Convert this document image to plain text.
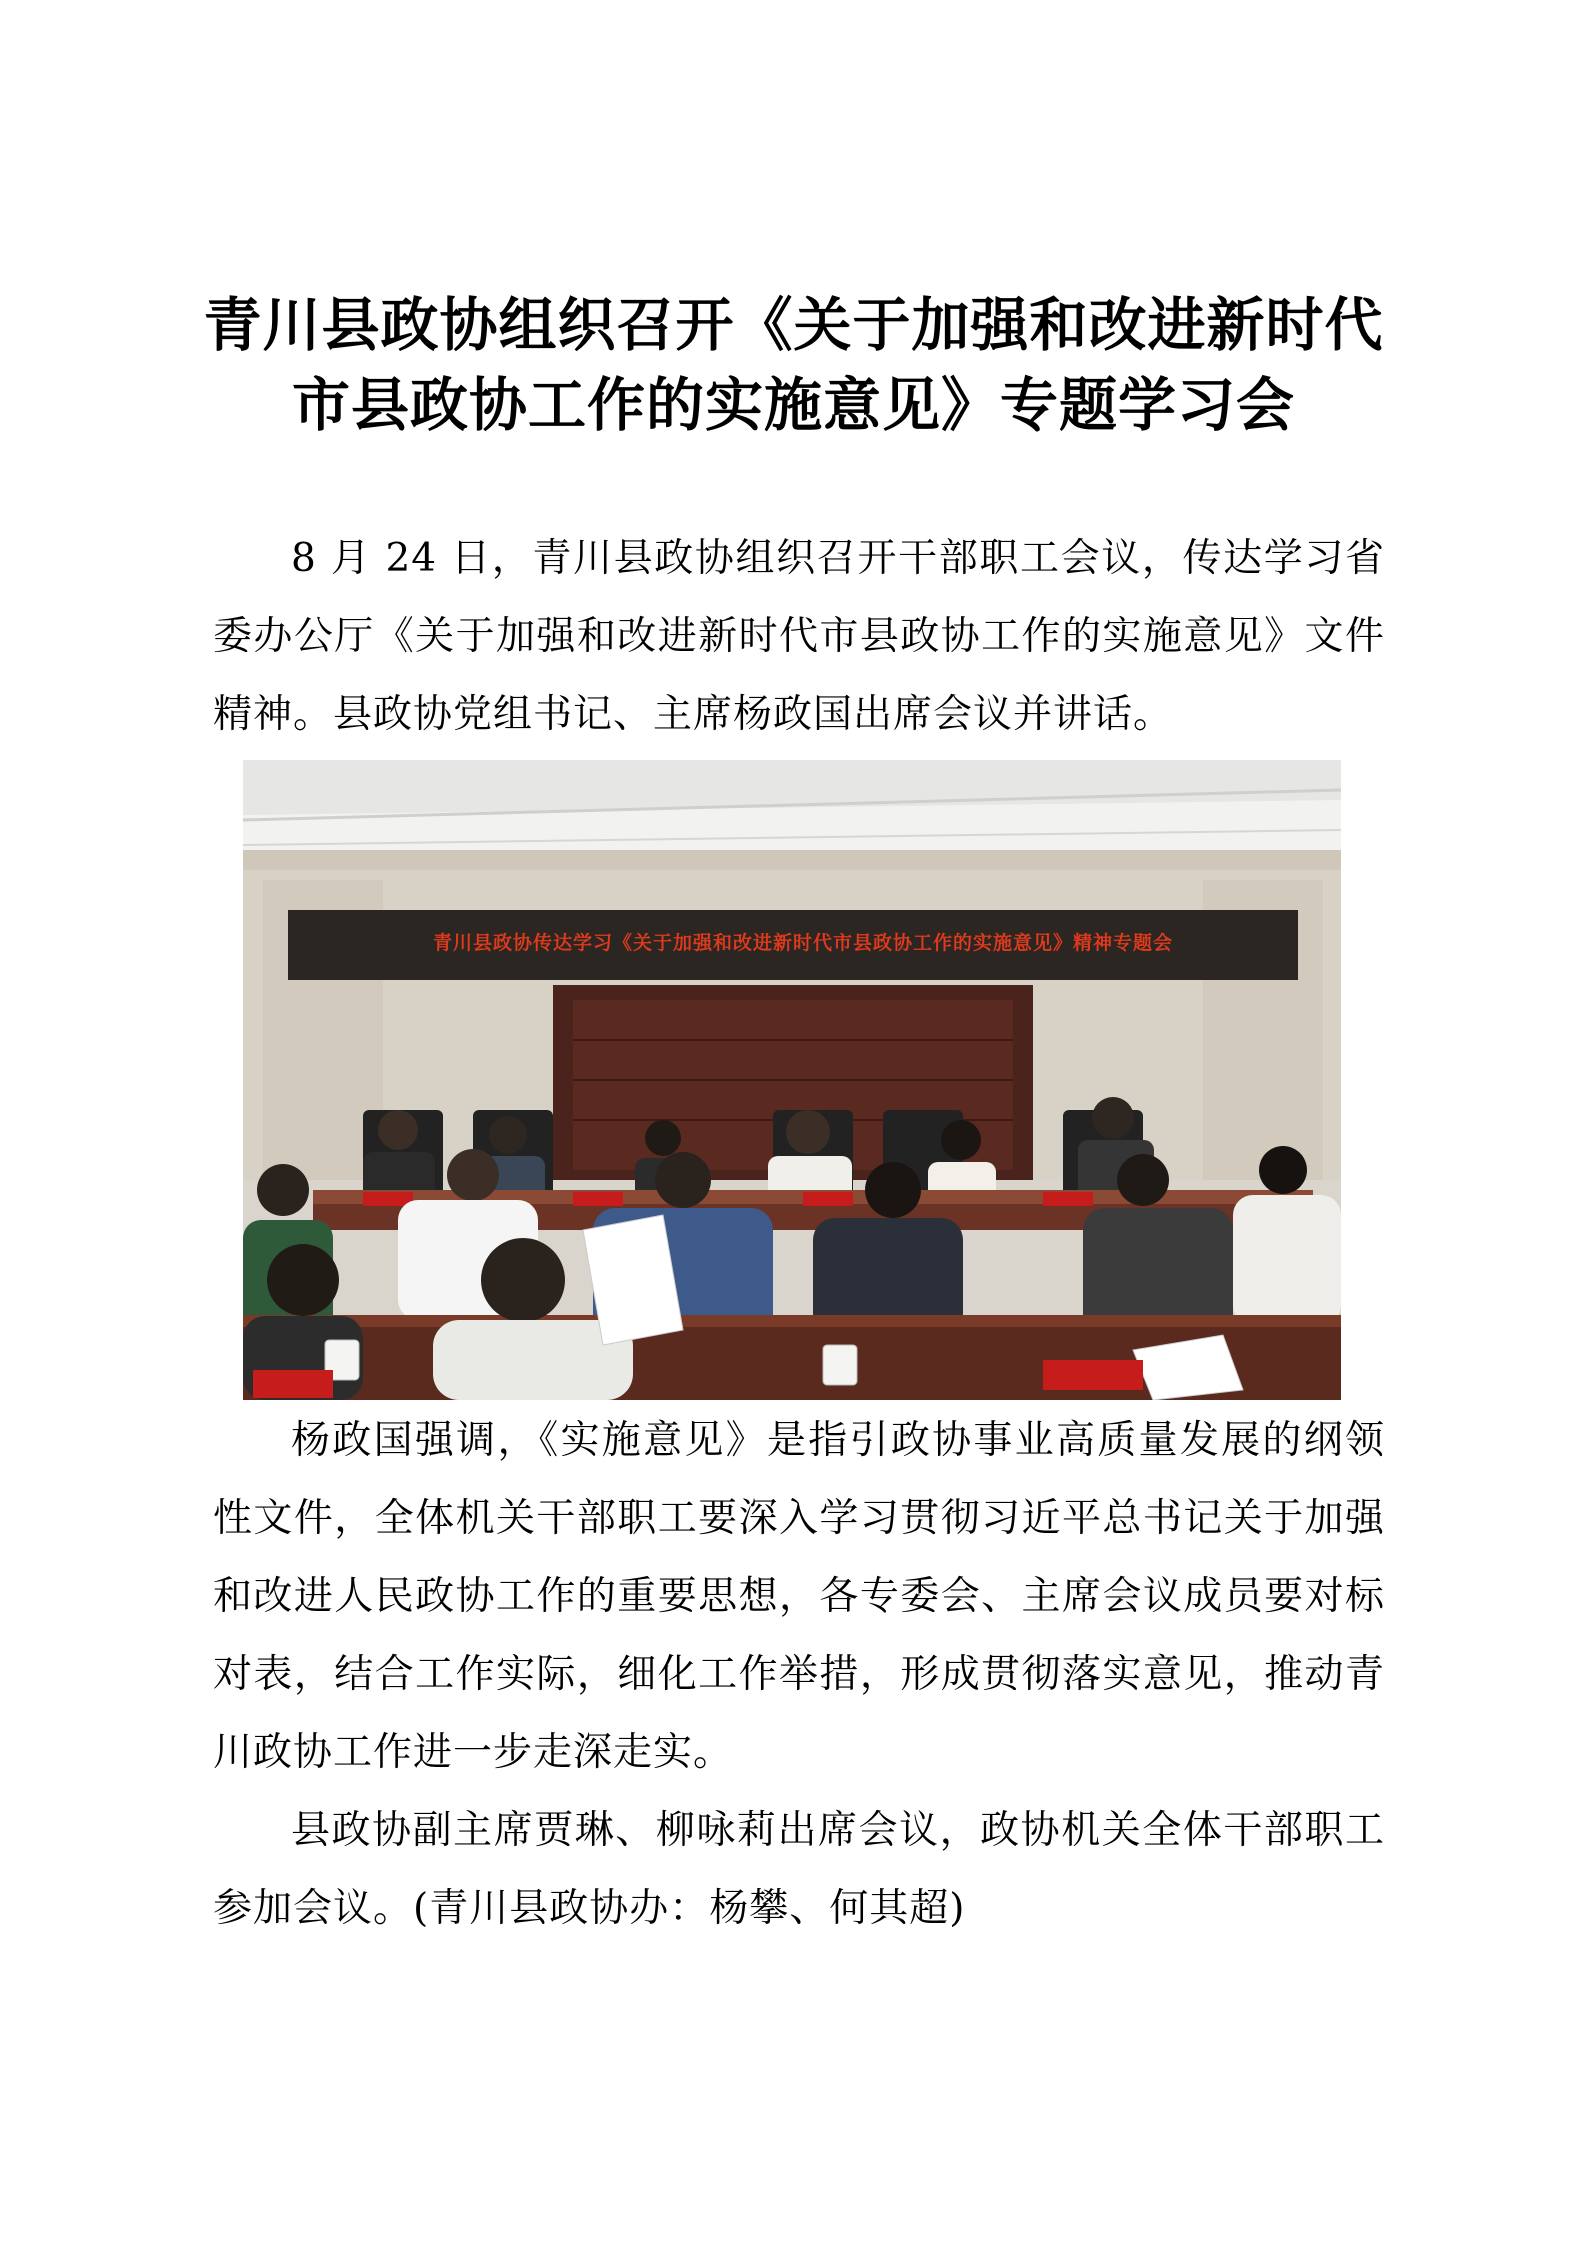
青川县政协组织召开《关于加强和改进新时代
市县政协工作的实施意见》专题学习会

8 月 24 日，青川县政协组织召开干部职工会议，传达学习省委办公厅《关于加强和改进新时代市县政协工作的实施意见》文件精神。县政协党组书记、主席杨政国出席会议并讲话。

青川县政协传达学习《关于加强和改进新时代市县政协工作的实施意见》精神专题会

杨政国强调，《实施意见》是指引政协事业高质量发展的纲领性文件，全体机关干部职工要深入学习贯彻习近平总书记关于加强和改进人民政协工作的重要思想，各专委会、主席会议成员要对标对表，结合工作实际，细化工作举措，形成贯彻落实意见，推动青川政协工作进一步走深走实。

县政协副主席贾琳、柳咏莉出席会议，政协机关全体干部职工参加会议。(青川县政协办：杨攀、何其超)
